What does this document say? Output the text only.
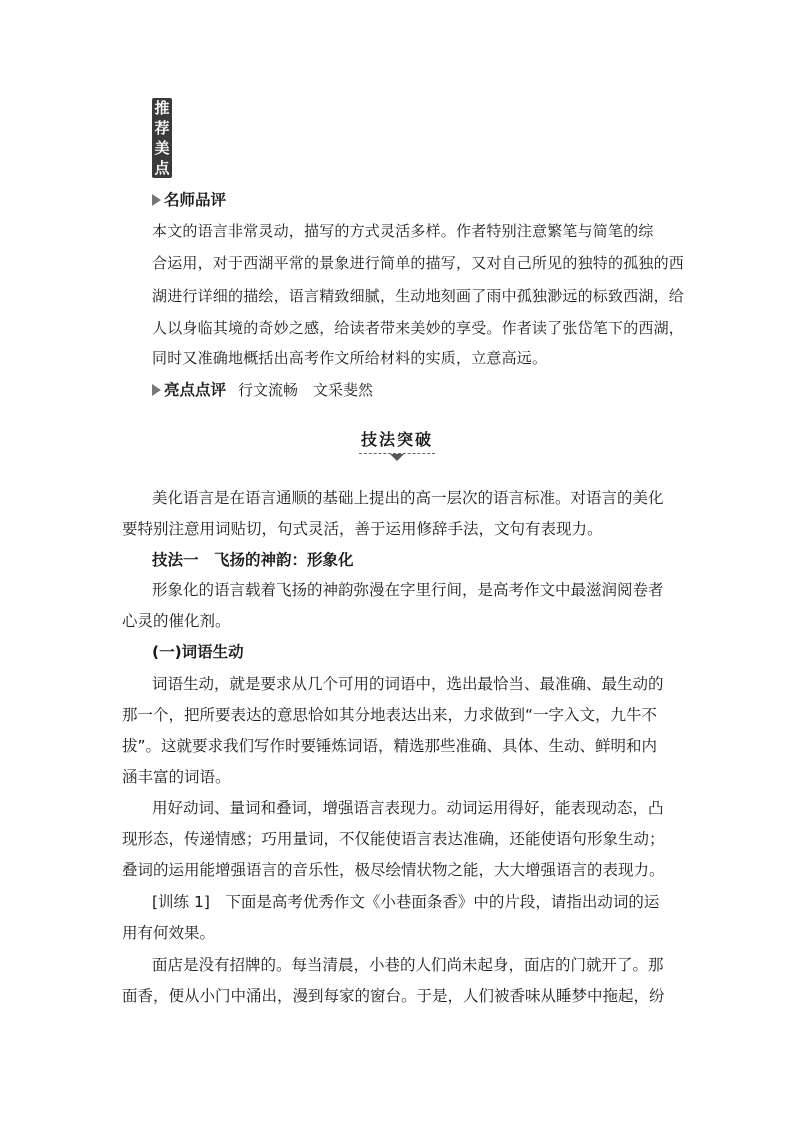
推
荐
美
点
名师品评
本文的语言非常灵动，描写的方式灵活多样。作者特别注意繁笔与简笔的综
合运用，对于西湖平常的景象进行简单的描写，又对自己所见的独特的孤独的西
湖进行详细的描绘，语言精致细腻，生动地刻画了雨中孤独渺远的标致西湖，给
人以身临其境的奇妙之感，给读者带来美妙的享受。作者读了张岱笔下的西湖，
同时又准确地概括出高考作文所给材料的实质，立意高远。
亮点点评 行文流畅　文采斐然
技法突破
美化语言是在语言通顺的基础上提出的高一层次的语言标准。对语言的美化
要特别注意用词贴切，句式灵活，善于运用修辞手法，文句有表现力。
技法一　飞扬的神韵：形象化
形象化的语言载着飞扬的神韵弥漫在字里行间，是高考作文中最滋润阅卷者
心灵的催化剂。
(一)词语生动
词语生动，就是要求从几个可用的词语中，选出最恰当、最准确、最生动的
那一个，把所要表达的意思恰如其分地表达出来，力求做到“一字入文，九牛不
拔”。这就要求我们写作时要锤炼词语，精选那些准确、具体、生动、鲜明和内
涵丰富的词语。
用好动词、量词和叠词，增强语言表现力。动词运用得好，能表现动态，凸
现形态，传递情感；巧用量词，不仅能使语言表达准确，还能使语句形象生动；
叠词的运用能增强语言的音乐性，极尽绘情状物之能，大大增强语言的表现力。
[训练 1]　下面是高考优秀作文《小巷面条香》中的片段，请指出动词的运
用有何效果。
面店是没有招牌的。每当清晨，小巷的人们尚未起身，面店的门就开了。那
面香，便从小门中涌出，漫到每家的窗台。于是，人们被香味从睡梦中拖起，纷
